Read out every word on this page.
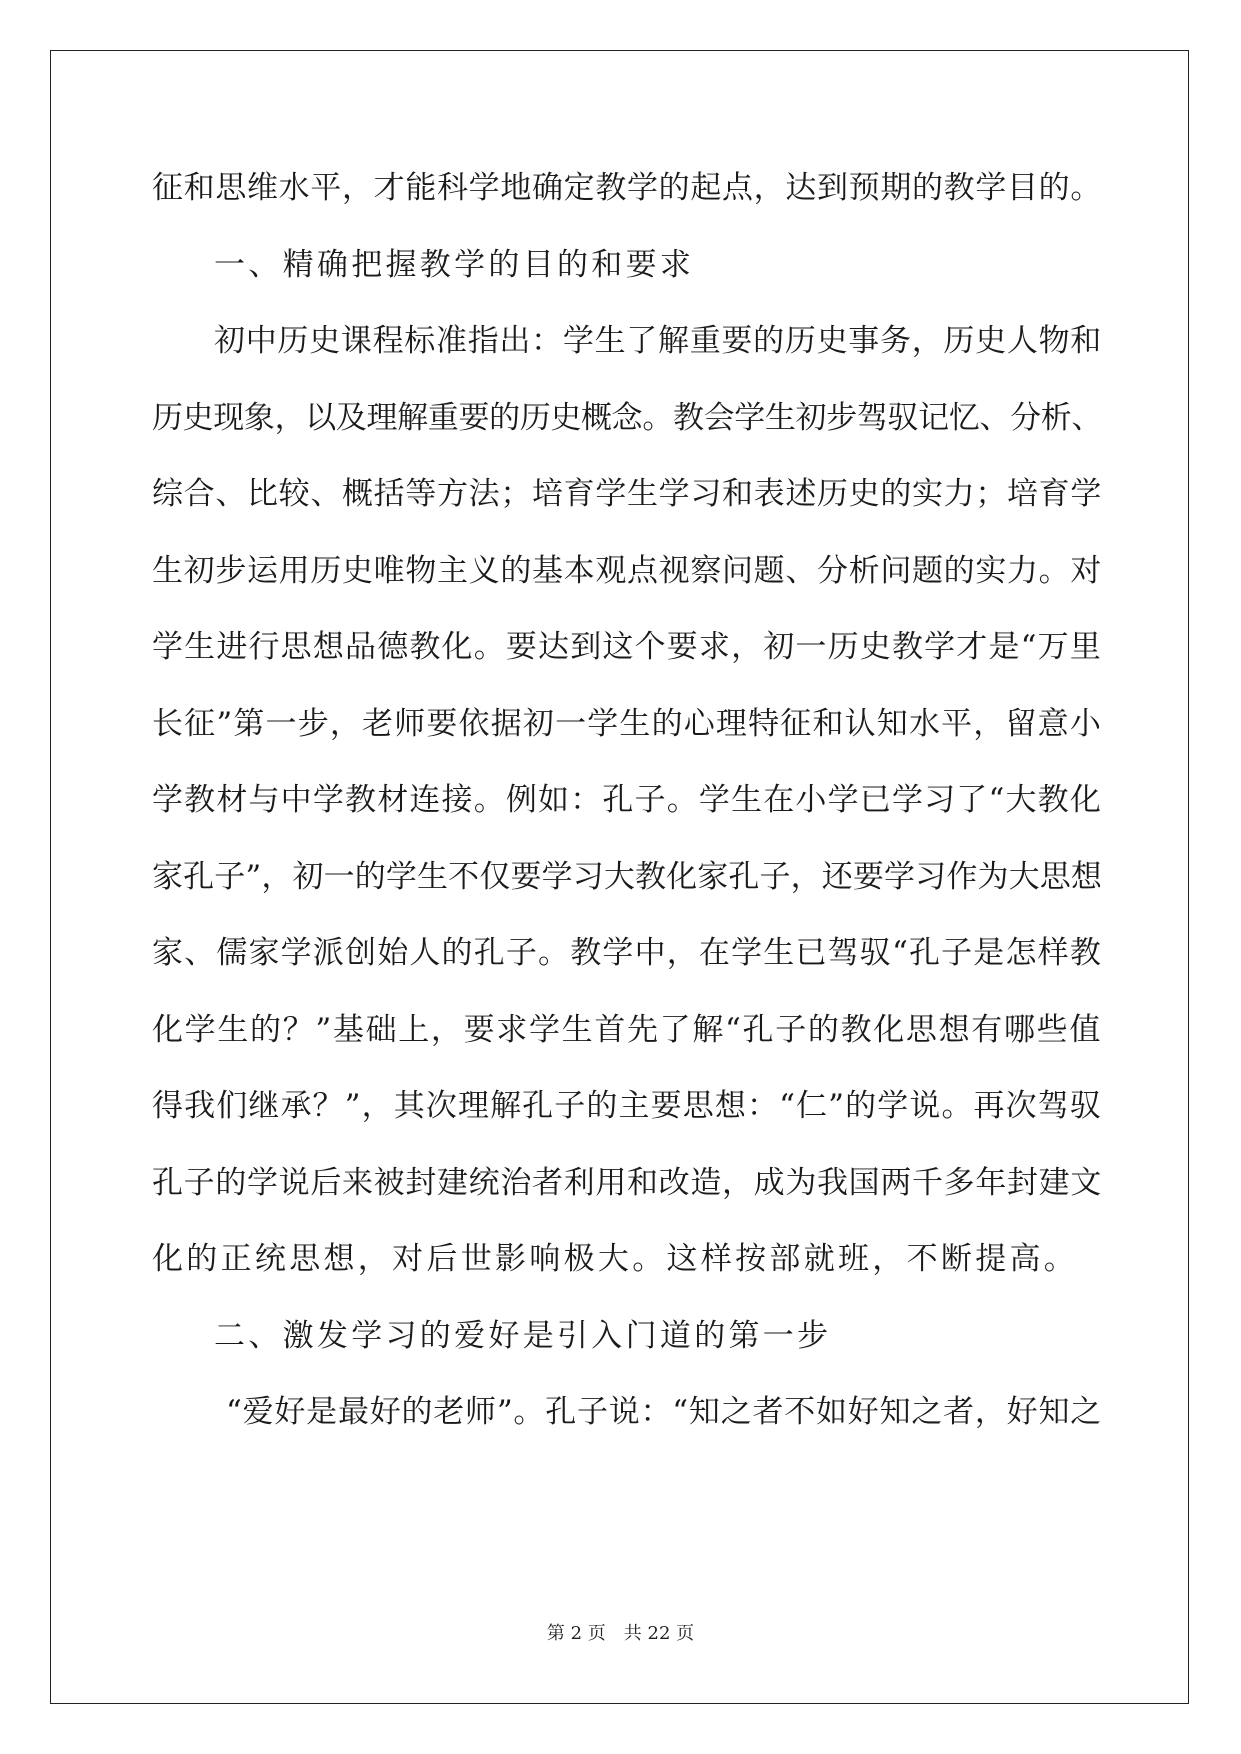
征和思维水平，才能科学地确定教学的起点，达到预期的教学目的。
一、精确把握教学的目的和要求
初中历史课程标准指出：学生了解重要的历史事务，历史人物和
历史现象，以及理解重要的历史概念。教会学生初步驾驭记忆、分析、
综合、比较、概括等方法；培育学生学习和表述历史的实力；培育学
生初步运用历史唯物主义的基本观点视察问题、分析问题的实力。对
学生进行思想品德教化。要达到这个要求，初一历史教学才是“万里
长征”第一步，老师要依据初一学生的心理特征和认知水平，留意小
学教材与中学教材连接。例如：孔子。学生在小学已学习了“大教化
家孔子”，初一的学生不仅要学习大教化家孔子，还要学习作为大思想
家、儒家学派创始人的孔子。教学中，在学生已驾驭“孔子是怎样教
化学生的？”基础上，要求学生首先了解“孔子的教化思想有哪些值
得我们继承？”，其次理解孔子的主要思想：“仁”的学说。再次驾驭
孔子的学说后来被封建统治者利用和改造，成为我国两千多年封建文
化的正统思想，对后世影响极大。这样按部就班，不断提高。
二、激发学习的爱好是引入门道的第一步
“爱好是最好的老师”。孔子说：“知之者不如好知之者，好知之
第 2 页 共 22 页
